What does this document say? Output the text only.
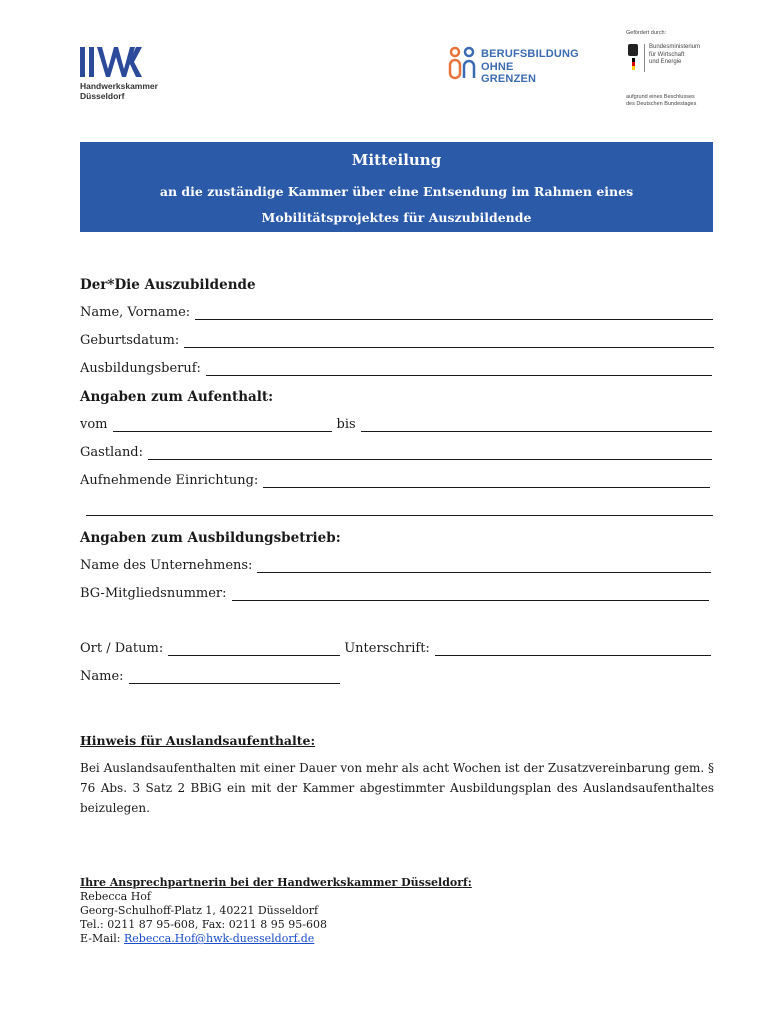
Handwerkskammer
Düsseldorf
BERUFSBILDUNG
OHNE
GRENZEN
Gefördert durch:
Bundesministerium
für Wirtschaft
und Energie
aufgrund eines Beschlusses
des Deutschen Bundestages
Mitteilung
an die zuständige Kammer über eine Entsendung im Rahmen eines
Mobilitätsprojektes für Auszubildende
Der*Die Auszubildende
Name, Vorname:
Geburtsdatum:
Ausbildungsberuf:
Angaben zum Aufenthalt:
vom	bis
Gastland:
Aufnehmende Einrichtung:
Angaben zum Ausbildungsbetrieb:
Name des Unternehmens:
BG-Mitgliedsnummer:
Ort / Datum:	Unterschrift:
Name:
Hinweis für Auslandsaufenthalte:
Bei Auslandsaufenthalten mit einer Dauer von mehr als acht Wochen ist der Zusatzvereinbarung gem. § 76 Abs. 3 Satz 2 BBiG ein mit der Kammer abgestimmter Ausbildungsplan des Auslandsaufenthaltes beizulegen.
Ihre Ansprechpartnerin bei der Handwerkskammer Düsseldorf:
Rebecca Hof
Georg-Schulhoff-Platz 1, 40221 Düsseldorf
Tel.: 0211 87 95-608, Fax: 0211 8 95 95-608
E-Mail: Rebecca.Hof@hwk-duesseldorf.de
